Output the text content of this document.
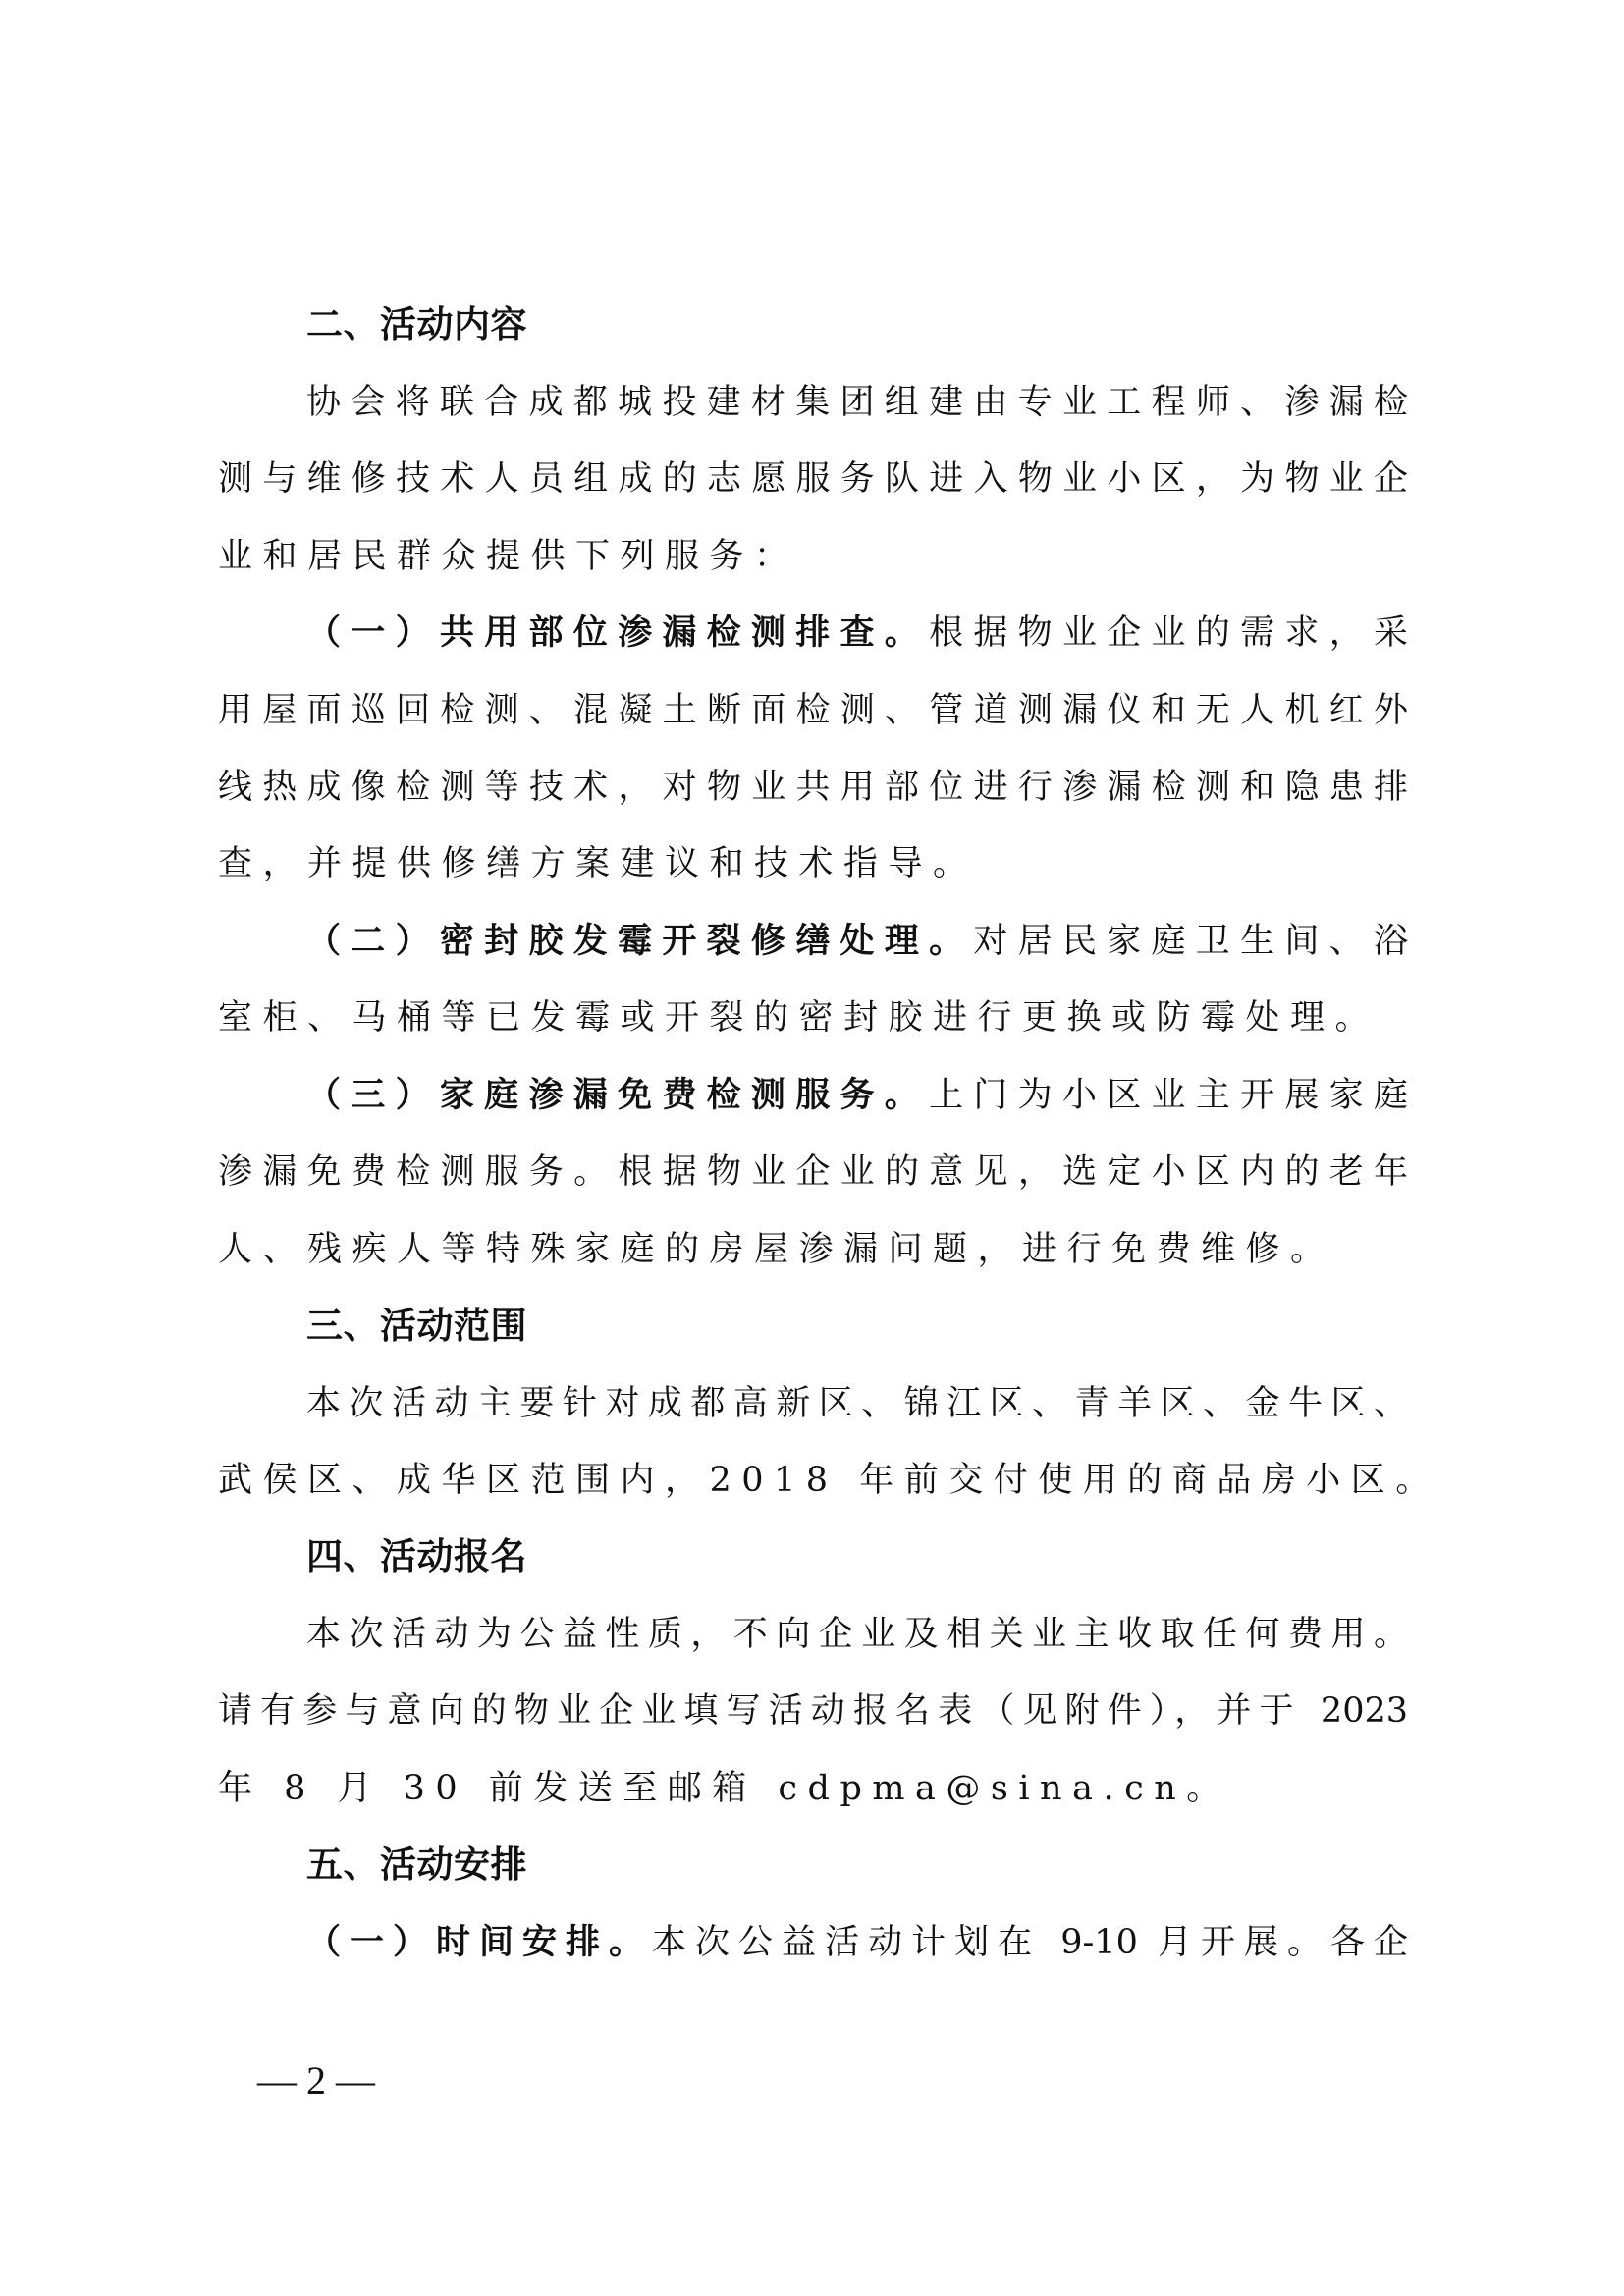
二、活动内容
协会将联合成都城投建材集团组建由专业工程师、渗漏检
测与维修技术人员组成的志愿服务队进入物业小区，为物业企
业和居民群众提供下列服务：
（一）共用部位渗漏检测排查。根据物业企业的需求，采
用屋面巡回检测、混凝土断面检测、管道测漏仪和无人机红外
线热成像检测等技术，对物业共用部位进行渗漏检测和隐患排
查，并提供修缮方案建议和技术指导。
（二）密封胶发霉开裂修缮处理。对居民家庭卫生间、浴
室柜、马桶等已发霉或开裂的密封胶进行更换或防霉处理。
（三）家庭渗漏免费检测服务。上门为小区业主开展家庭
渗漏免费检测服务。根据物业企业的意见，选定小区内的老年
人、残疾人等特殊家庭的房屋渗漏问题，进行免费维修。
三、活动范围
本次活动主要针对成都高新区、锦江区、青羊区、金牛区、
武侯区、成华区范围内，2018 年前交付使用的商品房小区。
四、活动报名
本次活动为公益性质，不向企业及相关业主收取任何费用。
请有参与意向的物业企业填写活动报名表（见附件），并于 2023
年 8 月 30 前发送至邮箱 cdpma@sina.cn。
五、活动安排
（一）时间安排。本次公益活动计划在 9-10 月开展。各企
— 2 —
